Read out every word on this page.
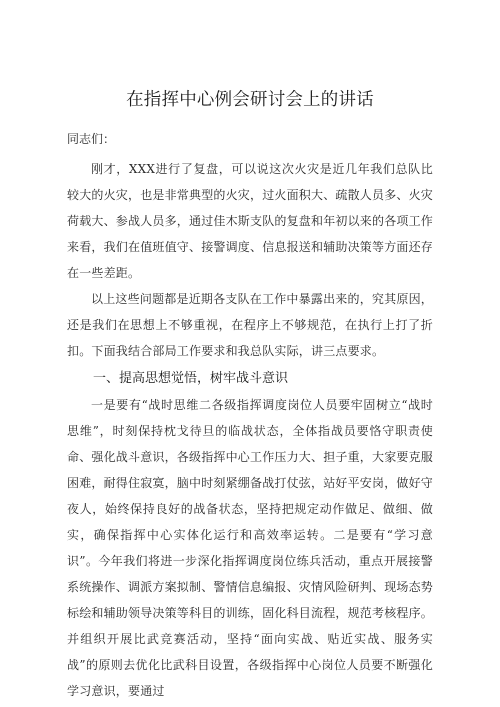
在指挥中心例会研讨会上的讲话

同志们：

刚才，XXX进行了复盘，可以说这次火灾是近几年我们总队比较大的火灾，也是非常典型的火灾，过火面积大、疏散人员多、火灾荷载大、参战人员多，通过佳木斯支队的复盘和年初以来的各项工作来看，我们在值班值守、接警调度、信息报送和辅助决策等方面还存在一些差距。

以上这些问题都是近期各支队在工作中暴露出来的，究其原因，还是我们在思想上不够重视，在程序上不够规范，在执行上打了折扣。下面我结合部局工作要求和我总队实际，讲三点要求。

一、提高思想觉悟，树牢战斗意识

一是要有“战时思维二各级指挥调度岗位人员要牢固树立“战时思维”，时刻保持枕戈待旦的临战状态，全体指战员要恪守职责使命、强化战斗意识，各级指挥中心工作压力大、担子重，大家要克服困难，耐得住寂寞，脑中时刻紧绷备战打仗弦，站好平安岗，做好守夜人，始终保持良好的战备状态，坚持把规定动作做足、做细、做实，确保指挥中心实体化运行和高效率运转。二是要有“学习意识”。今年我们将进一步深化指挥调度岗位练兵活动，重点开展接警系统操作、调派方案拟制、警情信息编报、灾情风险研判、现场态势标绘和辅助领导决策等科目的训练，固化科目流程，规范考核程序。并组织开展比武竞赛活动，坚持“面向实战、贴近实战、服务实战”的原则去优化比武科目设置，各级指挥中心岗位人员要不断强化学习意识，要通过
